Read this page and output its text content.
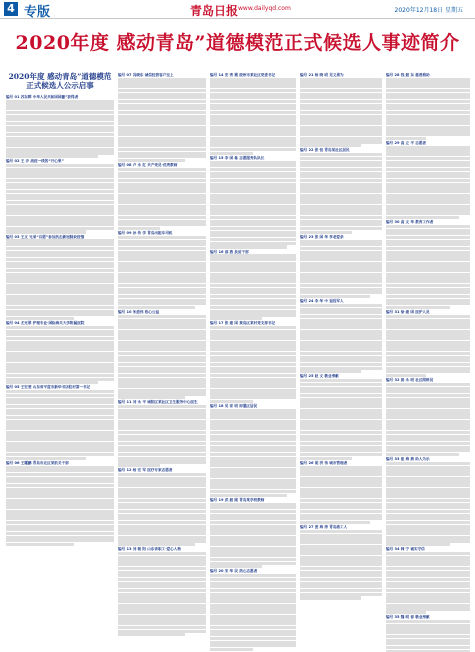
4 专版	青岛日报 www.dailyqd.com	2020年12月18日 星期五
2020年度 感动青岛”道德模范正式候选人事迹简介
2020年度 感动青岛”道德模范正式候选人公示启事
编号 01 苏东辉 中华人民共和国国徽”获得者
编号 02 王 岁 战疫一线的“开心果”
编号 03 王文 兄弟“自愿”参加抗击新冠肺炎疫情
编号 04 尤光翠 护理专业·国际海关大学附属医院
编号 05 王宏斐 山东省平度市新华书店驻村第一书记
编号 06 王耀鹏 青岛市北区某机关干部
编号 07 冯晓东 诚信经营客户至上
编号 08 卢 永 红 共产党员·优秀教师
编号 09 孙 传 学 青岛出租车司机
编号 10 朱道伟 热心公益
编号 11 刘 永 平 城阳区某社区卫生服务中心医生
编号 12 杨 宏 军 医疗专家志愿者
编号 13 刘 朝 阳 山东省职工·爱心人物
编号 14 安 秀 霞 胶州市某社区党委书记
编号 15 李 国 栋 志愿服务队队长
编号 16 邵 燕 扶贫干部
编号 17 张 建 国 黄岛区某村党支部书记
编号 18 吴 家 明 即墨区居民
编号 19 武 振 刚 青岛某学校教师
编号 20 宋 华 民 热心志愿者
编号 21 杨 晓 明 见义勇为
编号 22 张 恒 青岛某社区居民
编号 23 张 国 华 孝老爱亲
编号 24 李 华 中 退役军人
编号 25 赵 文 敬业奉献
编号 26 胡 洪 伟 城市管理者
编号 27 姜 海 涛 青岛港工人
编号 28 钱 振 东 慈善捐助
编号 29 高 立 平 志愿者
编号 30 高 文 华 教育工作者
编号 31 徐 建 国 医护人员
编号 32 郭 永 明 社区网格员
编号 33 崔 海 燕 助人为乐
编号 34 韩 宁 诚实守信
编号 35 魏 明 春 敬业奉献
